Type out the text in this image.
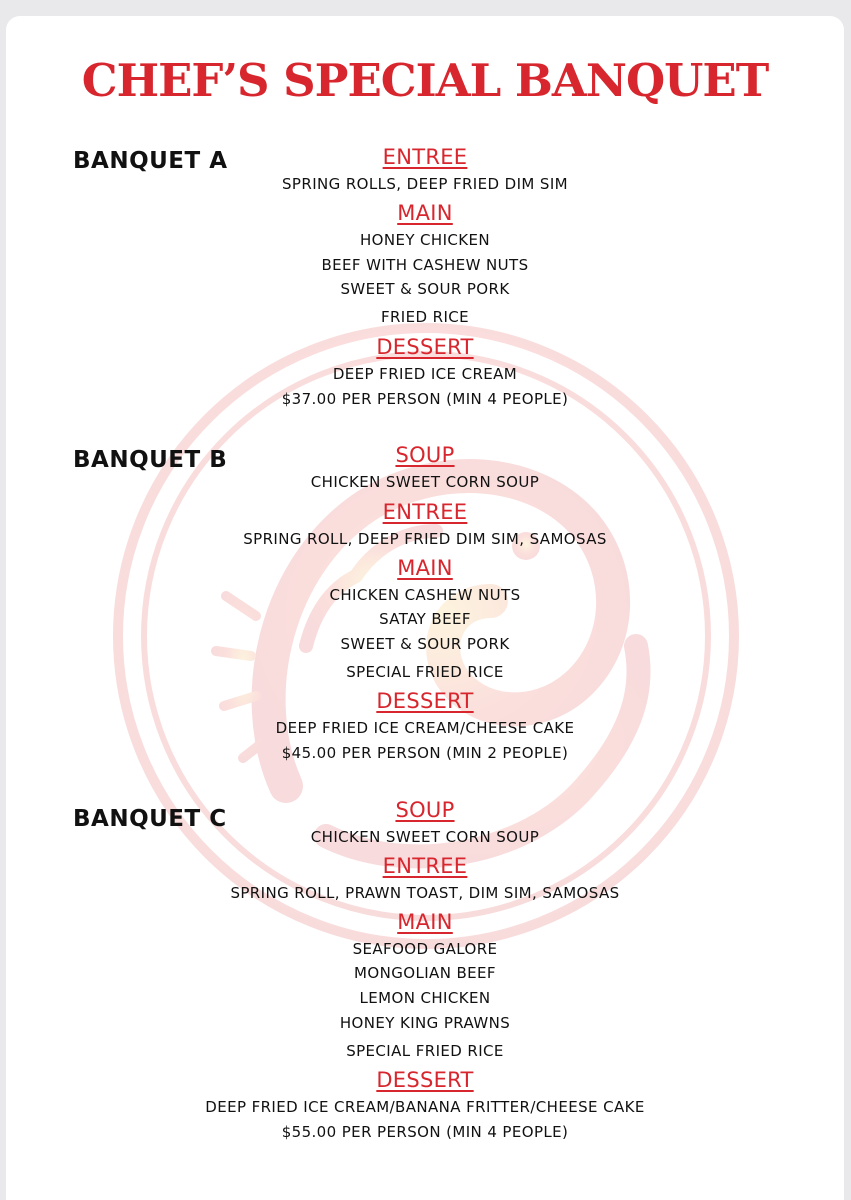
CHEF’S SPECIAL BANQUET
BANQUET A	ENTREE
SPRING ROLLS, DEEP FRIED DIM SIM
MAIN
HONEY CHICKEN
BEEF WITH CASHEW NUTS
SWEET & SOUR PORK
FRIED RICE
DESSERT
DEEP FRIED ICE CREAM
$37.00 PER PERSON (MIN 4 PEOPLE)
BANQUET B	SOUP
CHICKEN SWEET CORN SOUP
ENTREE
SPRING ROLL, DEEP FRIED DIM SIM, SAMOSAS
MAIN
CHICKEN CASHEW NUTS
SATAY BEEF
SWEET & SOUR PORK
SPECIAL FRIED RICE
DESSERT
DEEP FRIED ICE CREAM/CHEESE CAKE
$45.00 PER PERSON (MIN 2 PEOPLE)
BANQUET C	SOUP
CHICKEN SWEET CORN SOUP
ENTREE
SPRING ROLL, PRAWN TOAST, DIM SIM, SAMOSAS
MAIN
SEAFOOD GALORE
MONGOLIAN BEEF
LEMON CHICKEN
HONEY KING PRAWNS
SPECIAL FRIED RICE
DESSERT
DEEP FRIED ICE CREAM/BANANA FRITTER/CHEESE CAKE
$55.00 PER PERSON (MIN 4 PEOPLE)
